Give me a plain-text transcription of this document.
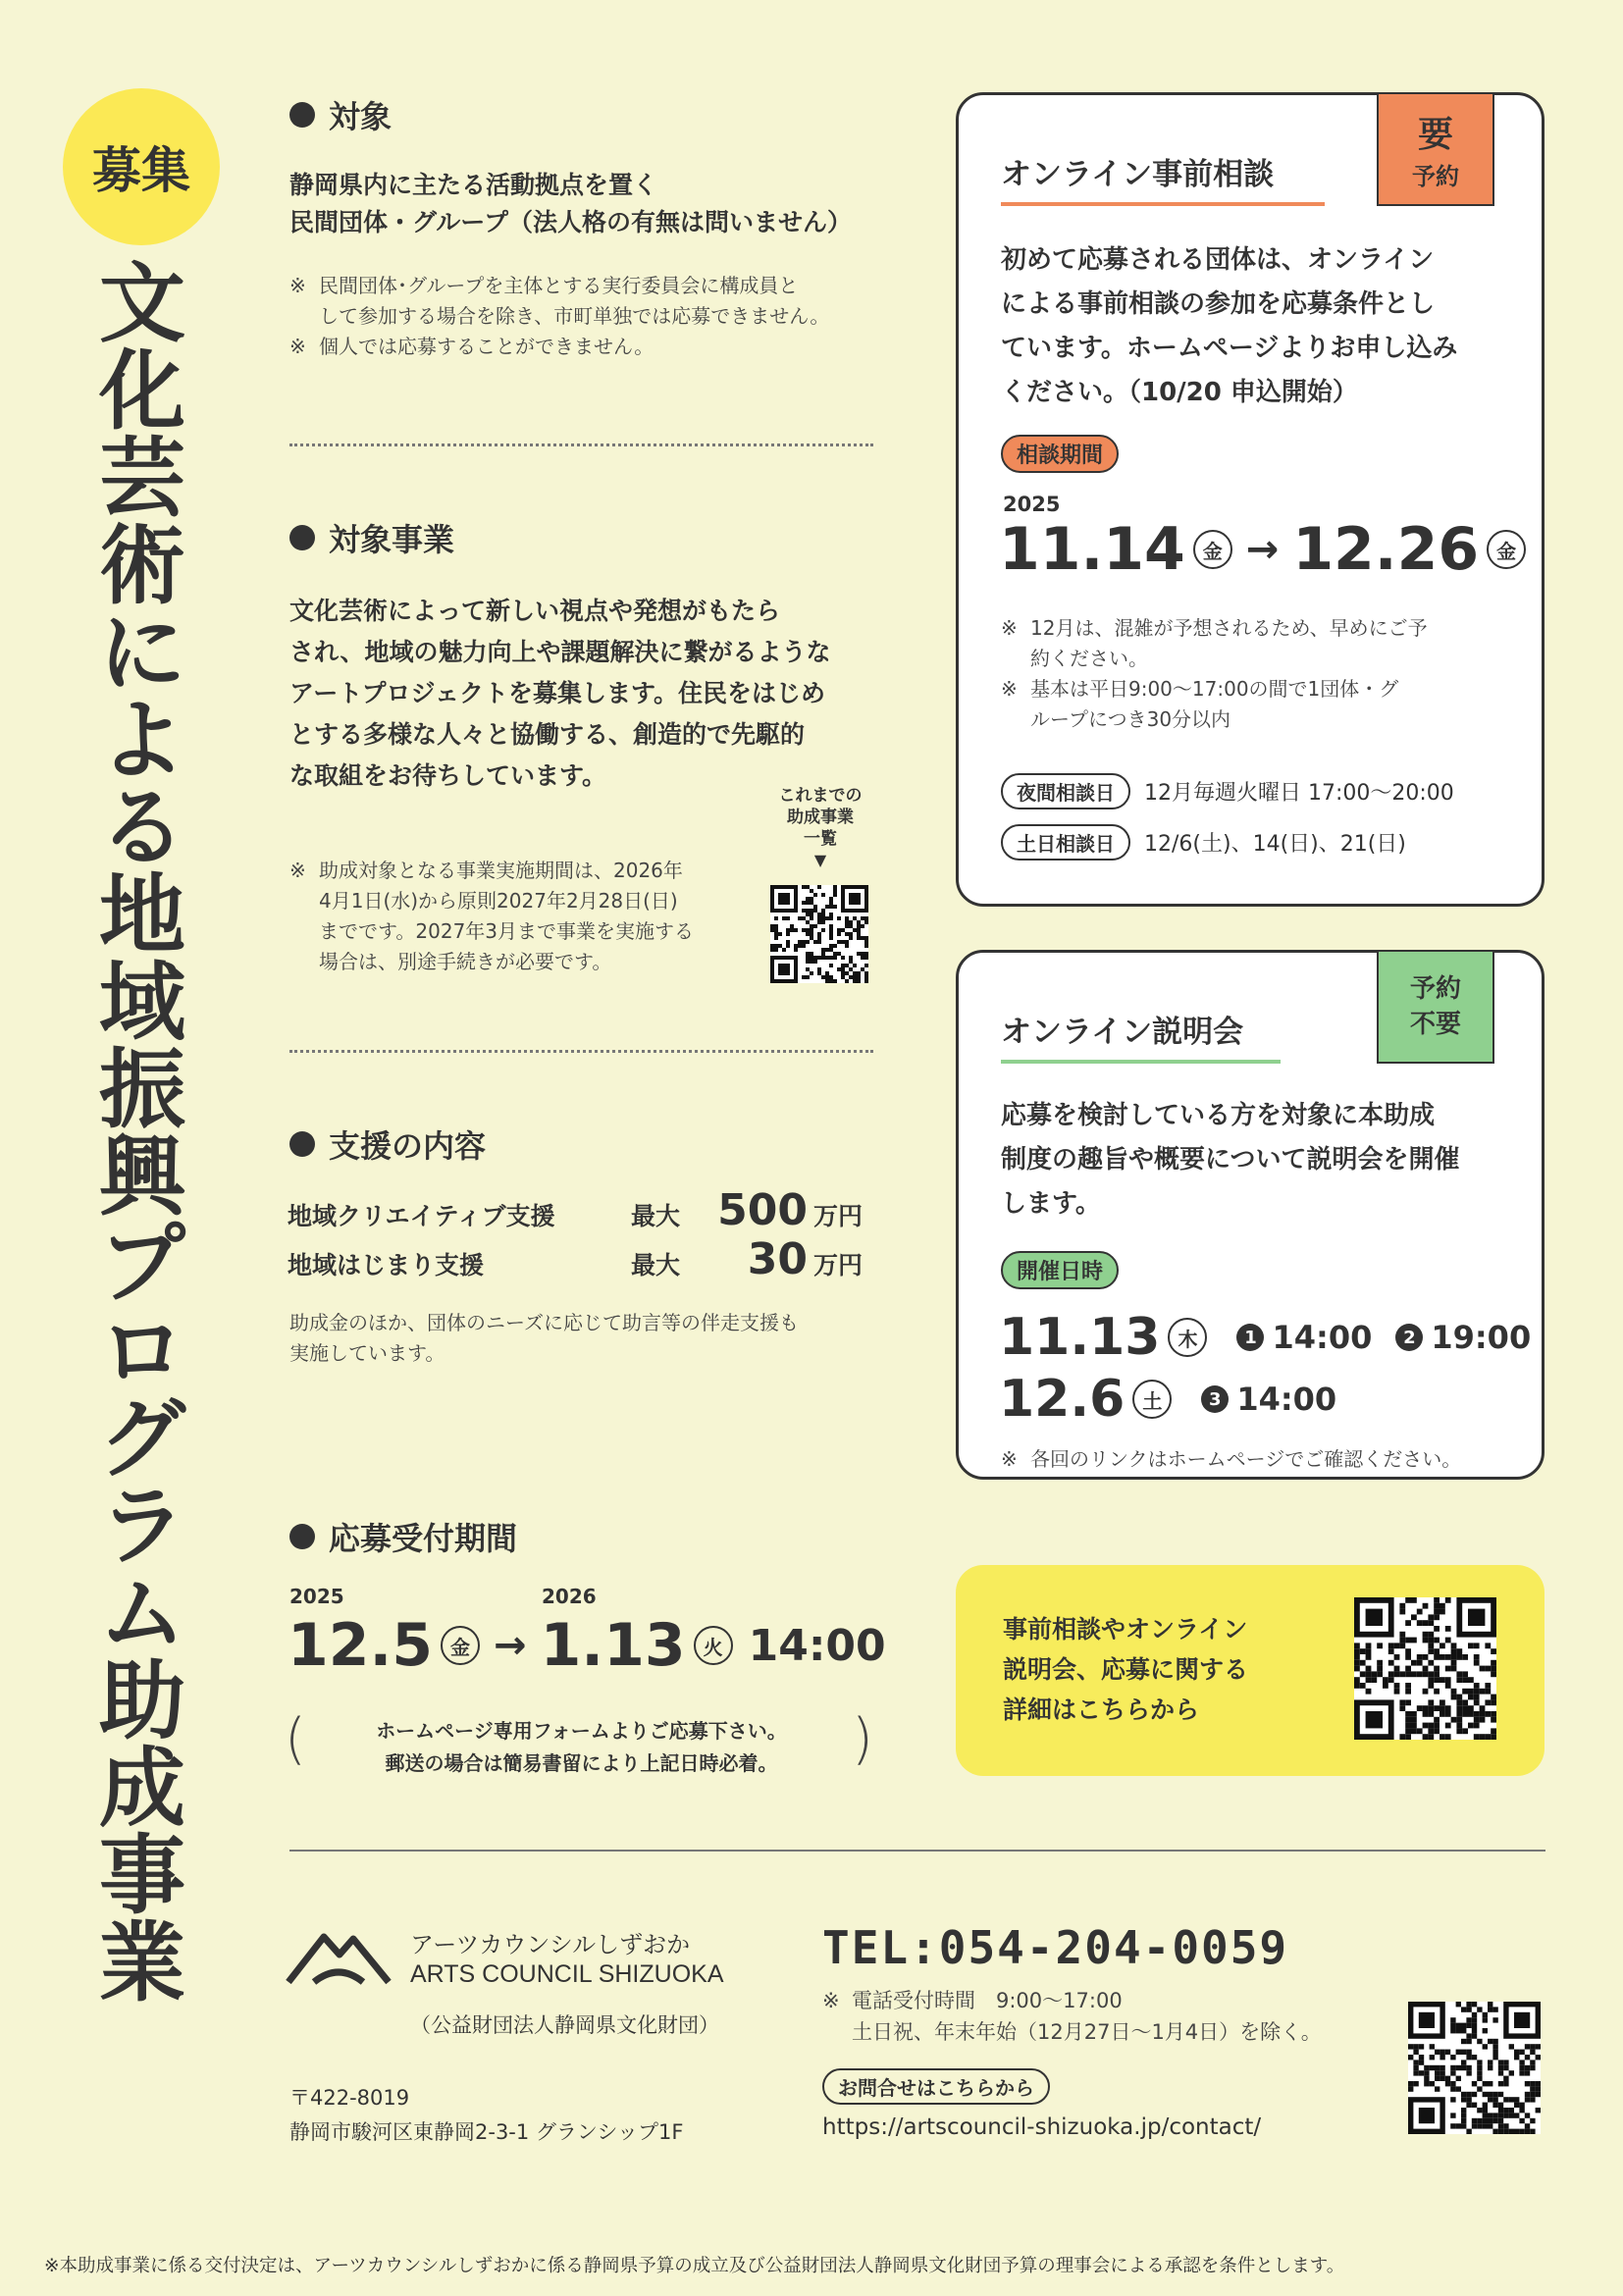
募集
文
化
芸
術
に
よ
る
地
域
振
興
プ
ロ
グ
ラ
ム
助
成
事
業
対象
静岡県内に主たる活動拠点を置く
民間団体・グループ（法人格の有無は問いません）
※ 民間団体･グループを主体とする実行委員会に構成員と
して参加する場合を除き、市町単独では応募できません。
※ 個人では応募することができません。
対象事業
文化芸術によって新しい視点や発想がもたら
され、地域の魅力向上や課題解決に繋がるような
アートプロジェクトを募集します。住民をはじめ
とする多様な人々と協働する、創造的で先駆的
な取組をお待ちしています。
これまでの
助成事業
一覧
▼
※ 助成対象となる事業実施期間は、2026年
4月1日(水)から原則2027年2月28日(日)
までです。2027年3月まで事業を実施する
場合は、別途手続きが必要です。
支援の内容
地域クリエイティブ支援	最大 500 万円
地域はじまり支援	最大	30 万円
助成金のほか、団体のニーズに応じて助言等の伴走支援も
実施しています。
応募受付期間
2025	2026
12.5 金 → 1.13 火 14:00
(	)
ホームページ専用フォームよりご応募下さい。
郵送の場合は簡易書留により上記日時必着。
オンライン事前相談
要
予約
初めて応募される団体は、オンライン
による事前相談の参加を応募条件とし
ています。ホームページよりお申し込み
ください。（10/20 申込開始）
相談期間
2025
11.14 金 → 12.26 金
※ 12月は、混雑が予想されるため、早めにご予
約ください。
※ 基本は平日9:00〜17:00の間で1団体・グ
ループにつき30分以内
夜間相談日	12月毎週火曜日 17:00〜20:00
土日相談日	12/6(土)、14(日)、21(日)
オンライン説明会
予約
不要
応募を検討している方を対象に本助成
制度の趣旨や概要について説明会を開催
します。
開催日時
11.13 木	1 14:00	2 19:00
12.6 土	3 14:00
※ 各回のリンクはホームページでご確認ください。
事前相談やオンライン
説明会、応募に関する
詳細はこちらから
アーツカウンシルしずおか
ARTS COUNCIL SHIZUOKA
（公益財団法人静岡県文化財団）
〒422-8019
静岡市駿河区東静岡2-3-1 グランシップ1F
TEL:054-204-0059
※ 電話受付時間　9:00〜17:00
土日祝、年末年始（12月27日〜1月4日）を除く。
お問合せはこちらから
https://artscouncil-shizuoka.jp/contact/
※本助成事業に係る交付決定は、アーツカウンシルしずおかに係る静岡県予算の成立及び公益財団法人静岡県文化財団予算の理事会による承認を条件とします。
